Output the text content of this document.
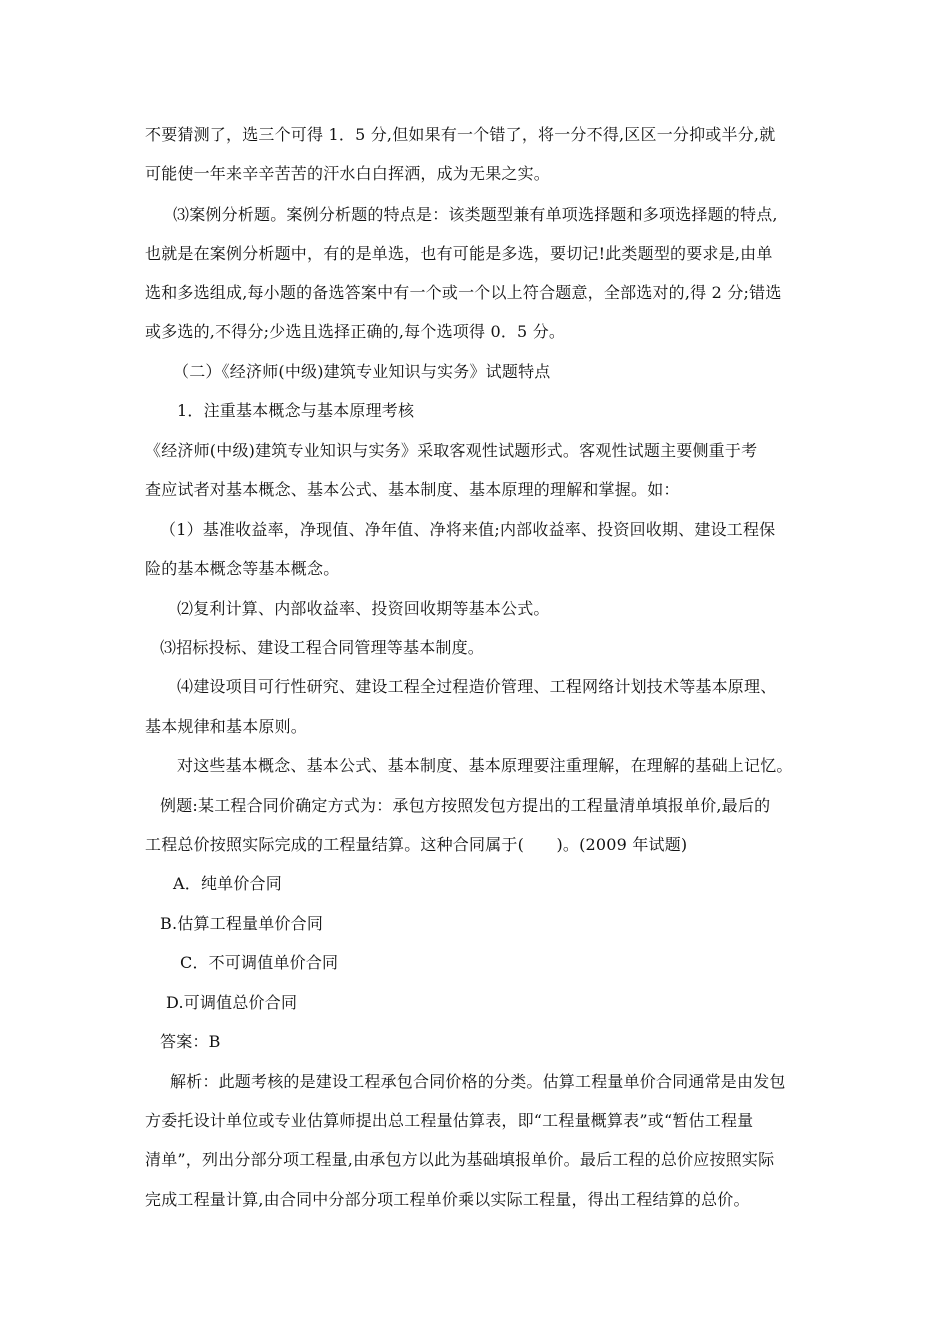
不要猜测了，选三个可得 1．5 分,但如果有一个错了，将一分不得,区区一分抑或半分,就
可能使一年来辛辛苦苦的汗水白白挥洒，成为无果之实。
⑶案例分析题。案例分析题的特点是：该类题型兼有单项选择题和多项选择题的特点,
也就是在案例分析题中，有的是单选，也有可能是多选，要切记!此类题型的要求是,由单
选和多选组成,每小题的备选答案中有一个或一个以上符合题意，全部选对的,得 2 分;错选
或多选的,不得分;少选且选择正确的,每个选项得 0．5 分。
（二）《经济师(中级)建筑专业知识与实务》试题特点
1．注重基本概念与基本原理考核
《经济师(中级)建筑专业知识与实务》采取客观性试题形式。客观性试题主要侧重于考
查应试者对基本概念、基本公式、基本制度、基本原理的理解和掌握。如：
（1）基准收益率，净现值、净年值、净将来值;内部收益率、投资回收期、建设工程保
险的基本概念等基本概念。
⑵复利计算、内部收益率、投资回收期等基本公式。
⑶招标投标、建设工程合同管理等基本制度。
⑷建设项目可行性研究、建设工程全过程造价管理、工程网络计划技术等基本原理、
基本规律和基本原则。
对这些基本概念、基本公式、基本制度、基本原理要注重理解，在理解的基础上记忆。
例题:某工程合同价确定方式为：承包方按照发包方提出的工程量清单填报单价,最后的
工程总价按照实际完成的工程量结算。这种合同属于(　　)。(2009 年试题)
A．纯单价合同
B.估算工程量单价合同
C．不可调值单价合同
D.可调值总价合同
答案：B
解析：此题考核的是建设工程承包合同价格的分类。估算工程量单价合同通常是由发包
方委托设计单位或专业估算师提出总工程量估算表，即“工程量概算表”或“暂估工程量
清单”，列出分部分项工程量,由承包方以此为基础填报单价。最后工程的总价应按照实际
完成工程量计算,由合同中分部分项工程单价乘以实际工程量，得出工程结算的总价。
